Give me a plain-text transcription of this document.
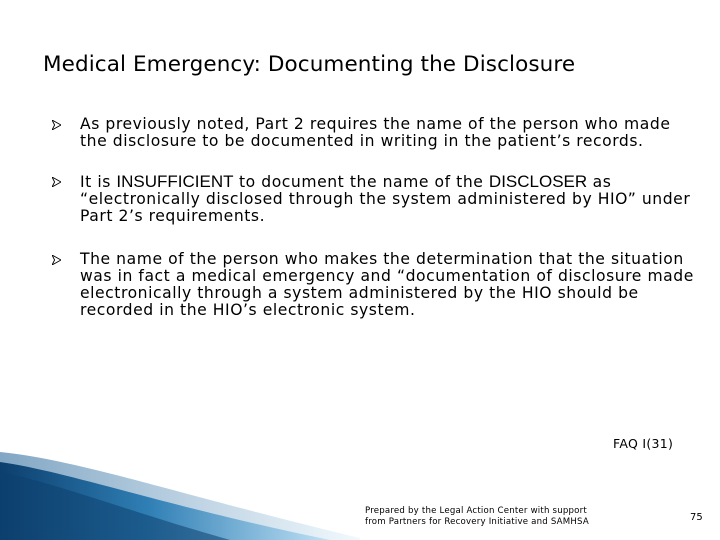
Medical Emergency: Documenting the Disclosure
As previously noted, Part 2 requires the name of the person who made the disclosure to be documented in writing in the patient’s records.
It is INSUFFICIENT to document the name of the DISCLOSER as “electronically disclosed through the system administered by HIO” under Part 2’s requirements.
The name of the person who makes the determination that the situation was in fact a medical emergency and “documentation of disclosure made electronically through a system administered by the HIO should be recorded in the HIO’s electronic system.
FAQ I(31)
Prepared by the Legal Action Center with support
from Partners for Recovery Initiative and SAMHSA	75
